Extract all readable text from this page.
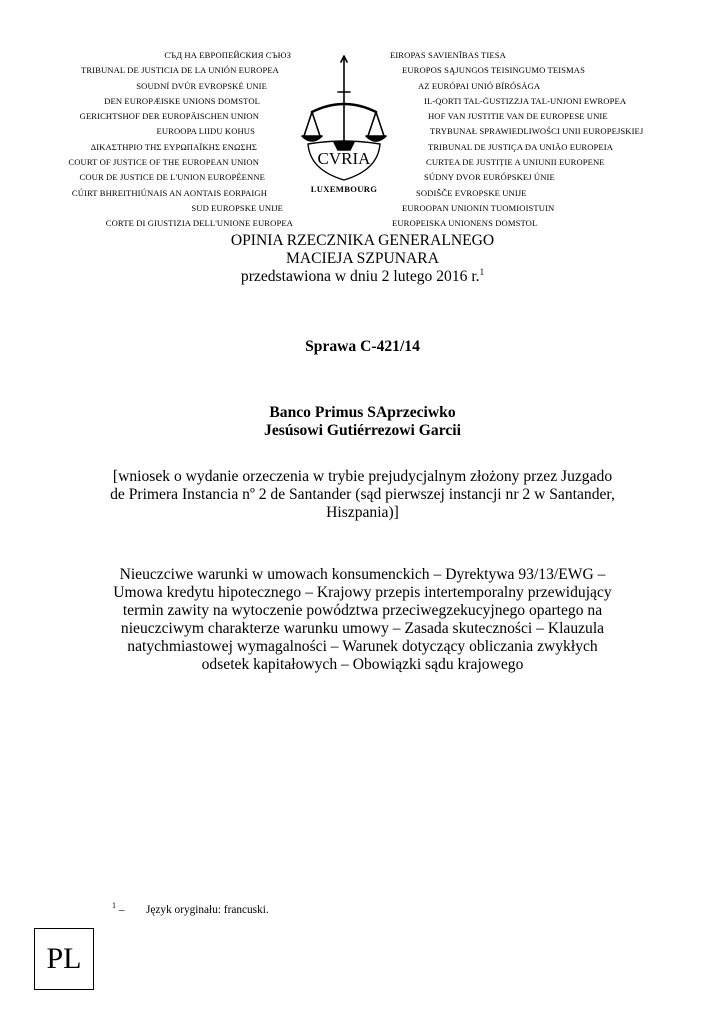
СЪД НА ЕВРОПЕЙСКИЯ СЪЮЗ
TRIBUNAL DE JUSTICIA DE LA UNIÓN EUROPEA
SOUDNÍ DVŮR EVROPSKÉ UNIE
DEN EUROPÆISKE UNIONS DOMSTOL
GERICHTSHOF DER EUROPÄISCHEN UNION
EUROOPA LIIDU KOHUS
ΔΙΚΑΣΤΗΡΙΟ ΤΗΣ ΕΥΡΩΠΑΪΚΗΣ ΕΝΩΣΗΣ
COURT OF JUSTICE OF THE EUROPEAN UNION
COUR DE JUSTICE DE L'UNION EUROPÉENNE
CÚIRT BHREITHIÚNAIS AN AONTAIS EORPAIGH
SUD EUROPSKE UNIJE
CORTE DI GIUSTIZIA DELL'UNIONE EUROPEA
EIROPAS SAVIENĪBAS TIESA
EUROPOS SĄJUNGOS TEISINGUMO TEISMAS
AZ EURÓPAI UNIÓ BÍRÓSÁGA
IL-QORTI TAL-ĠUSTIZZJA TAL-UNJONI EWROPEA
HOF VAN JUSTITIE VAN DE EUROPESE UNIE
TRYBUNAŁ SPRAWIEDLIWOŚCI UNII EUROPEJSKIEJ
TRIBUNAL DE JUSTIÇA DA UNIÃO EUROPEIA
CURTEA DE JUSTIȚIE A UNIUNII EUROPENE
SÚDNY DVOR EURÓPSKEJ ÚNIE
SODIŠČE EVROPSKE UNIJE
EUROOPAN UNIONIN TUOMIOISTUIN
EUROPEISKA UNIONENS DOMSTOL
CVRIA
LUXEMBOURG
OPINIA RZECZNIKA GENERALNEGO
MACIEJA SZPUNARA
przedstawiona w dniu 2 lutego 2016 r.$^1$
Sprawa C-421/14
Banco Primus SAprzeciwko
Jesúsowi Gutiérrezowi Garcii
[wniosek o wydanie orzeczenia w trybie prejudycjalnym złożony przez Juzgado
de Primera Instancia nº 2 de Santander (sąd pierwszej instancji nr 2 w Santander,
Hiszpania)]
Nieuczciwe warunki w umowach konsumenckich – Dyrektywa 93/13/EWG –
Umowa kredytu hipotecznego – Krajowy przepis intertemporalny przewidujący
termin zawity na wytoczenie powództwa przeciwegzekucyjnego opartego na
nieuczciwym charakterze warunku umowy – Zasada skuteczności – Klauzula
natychmiastowej wymagalności – Warunek dotyczący obliczania zwykłych
odsetek kapitałowych – Obowiązki sądu krajowego
$^1$ – Język oryginału: francuski.
PL
